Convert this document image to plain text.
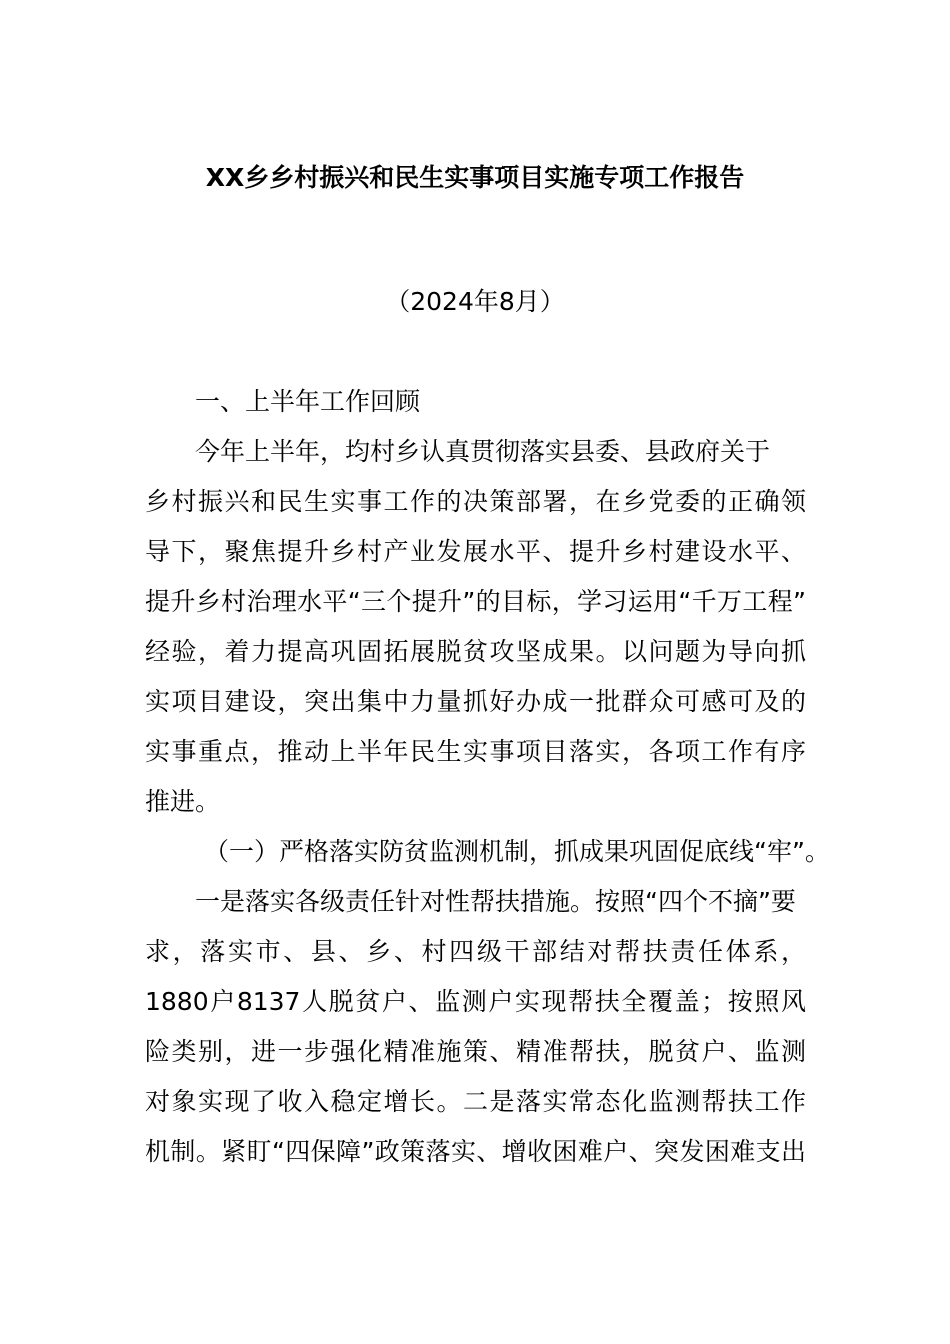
XX乡乡村振兴和民生实事项目实施专项工作报告
（2024年8月）
一、上半年工作回顾
今年上半年，均村乡认真贯彻落实县委、县政府关于
乡村振兴和民生实事工作的决策部署，在乡党委的正确领
导下，聚焦提升乡村产业发展水平、提升乡村建设水平、
提升乡村治理水平“三个提升”的目标，学习运用“千万工程”
经验，着力提高巩固拓展脱贫攻坚成果。以问题为导向抓
实项目建设，突出集中力量抓好办成一批群众可感可及的
实事重点，推动上半年民生实事项目落实，各项工作有序
推进。
（一）严格落实防贫监测机制，抓成果巩固促底线“牢”。
一是落实各级责任针对性帮扶措施。按照“四个不摘”要
求，落实市、县、乡、村四级干部结对帮扶责任体系，
1880户8137人脱贫户、监测户实现帮扶全覆盖；按照风
险类别，进一步强化精准施策、精准帮扶，脱贫户、监测
对象实现了收入稳定增长。二是落实常态化监测帮扶工作
机制。紧盯“四保障”政策落实、增收困难户、突发困难支出
